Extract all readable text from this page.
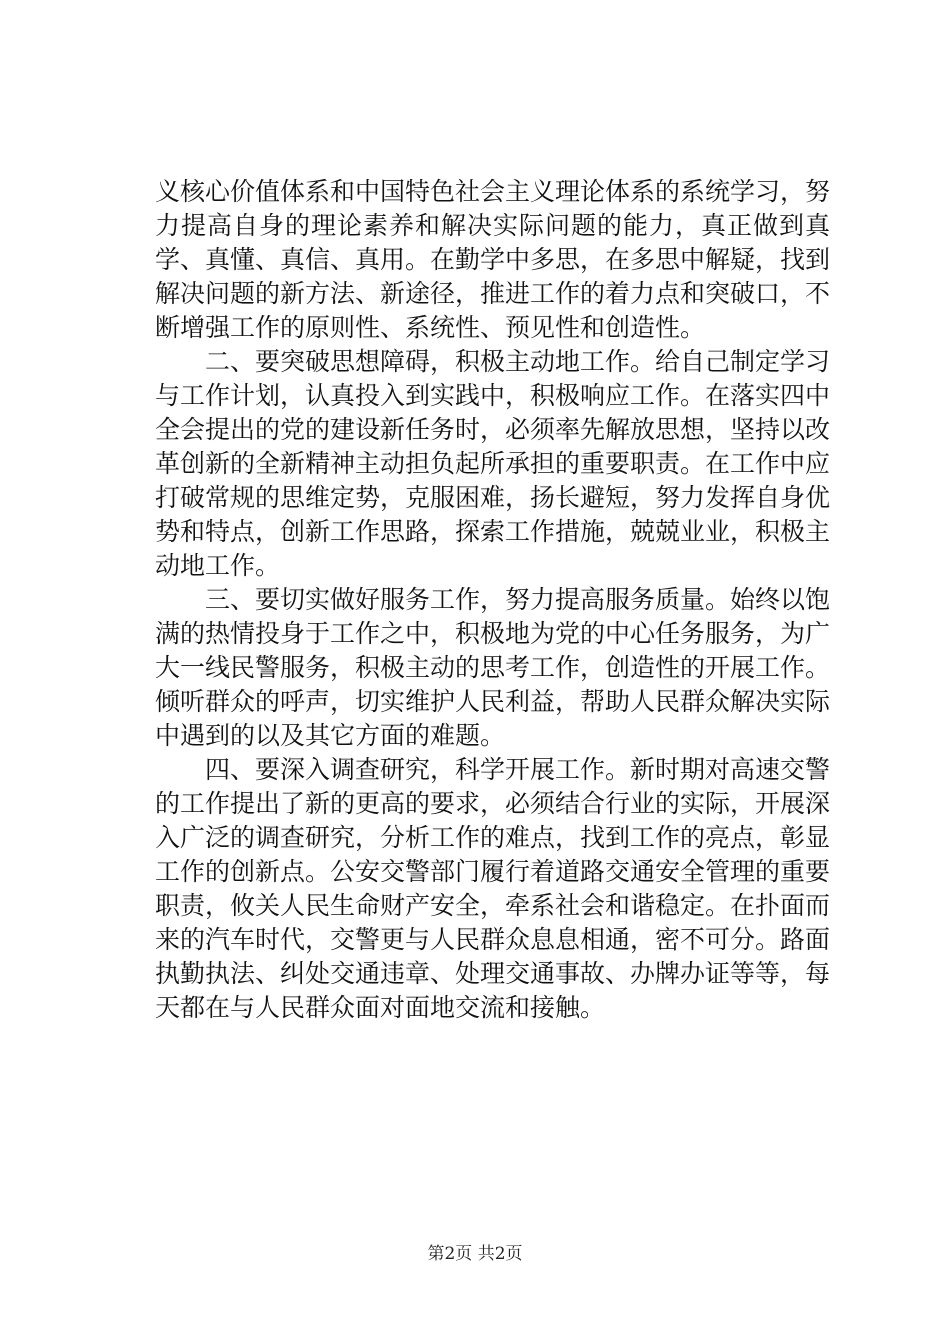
义核心价值体系和中国特色社会主义理论体系的系统学习，努力提高自身的理论素养和解决实际问题的能力，真正做到真学、真懂、真信、真用。在勤学中多思，在多思中解疑，找到解决问题的新方法、新途径，推进工作的着力点和突破口，不断增强工作的原则性、系统性、预见性和创造性。

二、要突破思想障碍，积极主动地工作。给自己制定学习与工作计划，认真投入到实践中，积极响应工作。在落实四中全会提出的党的建设新任务时，必须率先解放思想，坚持以改革创新的全新精神主动担负起所承担的重要职责。在工作中应打破常规的思维定势，克服困难，扬长避短，努力发挥自身优势和特点，创新工作思路，探索工作措施，兢兢业业，积极主动地工作。

三、要切实做好服务工作，努力提高服务质量。始终以饱满的热情投身于工作之中，积极地为党的中心任务服务，为广大一线民警服务，积极主动的思考工作，创造性的开展工作。倾听群众的呼声，切实维护人民利益，帮助人民群众解决实际中遇到的以及其它方面的难题。

四、要深入调查研究，科学开展工作。新时期对高速交警的工作提出了新的更高的要求，必须结合行业的实际，开展深入广泛的调查研究，分析工作的难点，找到工作的亮点，彰显工作的创新点。公安交警部门履行着道路交通安全管理的重要职责，攸关人民生命财产安全，牵系社会和谐稳定。在扑面而来的汽车时代，交警更与人民群众息息相通，密不可分。路面执勤执法、纠处交通违章、处理交通事故、办牌办证等等，每天都在与人民群众面对面地交流和接触。

第2页 共2页
